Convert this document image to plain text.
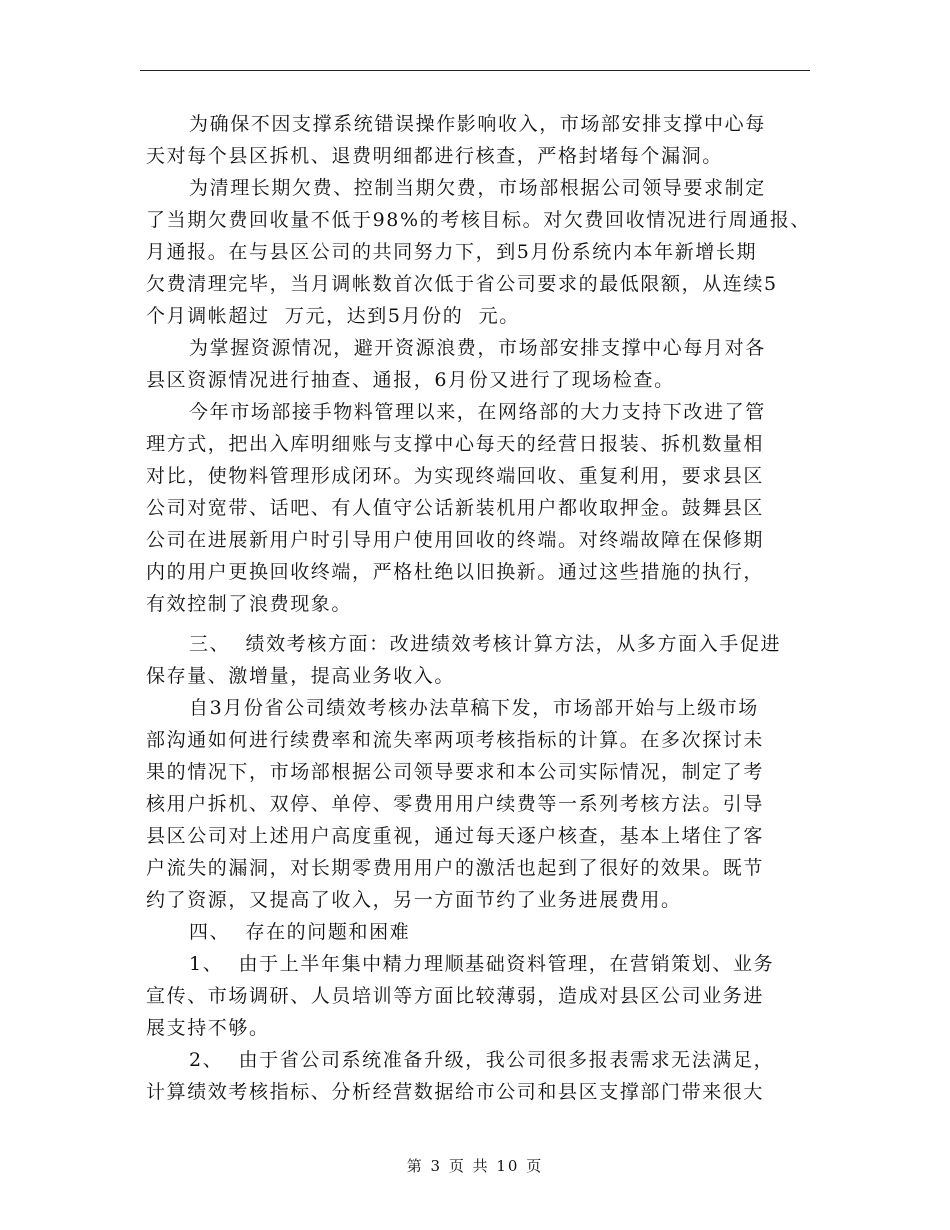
为确保不因支撑系统错误操作影响收入，市场部安排支撑中心每
天对每个县区拆机、退费明细都进行核查，严格封堵每个漏洞。
为清理长期欠费、控制当期欠费，市场部根据公司领导要求制定
了当期欠费回收量不低于98%的考核目标。对欠费回收情况进行周通报、
月通报。在与县区公司的共同努力下，到5月份系统内本年新增长期
欠费清理完毕，当月调帐数首次低于省公司要求的最低限额，从连续5
个月调帐超过  万元，达到5月份的  元。
为掌握资源情况，避开资源浪费，市场部安排支撑中心每月对各
县区资源情况进行抽查、通报，6月份又进行了现场检查。
今年市场部接手物料管理以来，在网络部的大力支持下改进了管
理方式，把出入库明细账与支撑中心每天的经营日报装、拆机数量相
对比，使物料管理形成闭环。为实现终端回收、重复利用，要求县区
公司对宽带、话吧、有人值守公话新装机用户都收取押金。鼓舞县区
公司在进展新用户时引导用户使用回收的终端。对终端故障在保修期
内的用户更换回收终端，严格杜绝以旧换新。通过这些措施的执行，
有效控制了浪费现象。
三、  绩效考核方面：改进绩效考核计算方法，从多方面入手促进
保存量、激增量，提高业务收入。
自3月份省公司绩效考核办法草稿下发，市场部开始与上级市场
部沟通如何进行续费率和流失率两项考核指标的计算。在多次探讨未
果的情况下，市场部根据公司领导要求和本公司实际情况，制定了考
核用户拆机、双停、单停、零费用用户续费等一系列考核方法。引导
县区公司对上述用户高度重视，通过每天逐户核查，基本上堵住了客
户流失的漏洞，对长期零费用用户的激活也起到了很好的效果。既节
约了资源，又提高了收入，另一方面节约了业务进展费用。
四、  存在的问题和困难
1、  由于上半年集中精力理顺基础资料管理，在营销策划、业务
宣传、市场调研、人员培训等方面比较薄弱，造成对县区公司业务进
展支持不够。
2、  由于省公司系统准备升级，我公司很多报表需求无法满足，
计算绩效考核指标、分析经营数据给市公司和县区支撑部门带来很大
第 3 页 共 10 页
